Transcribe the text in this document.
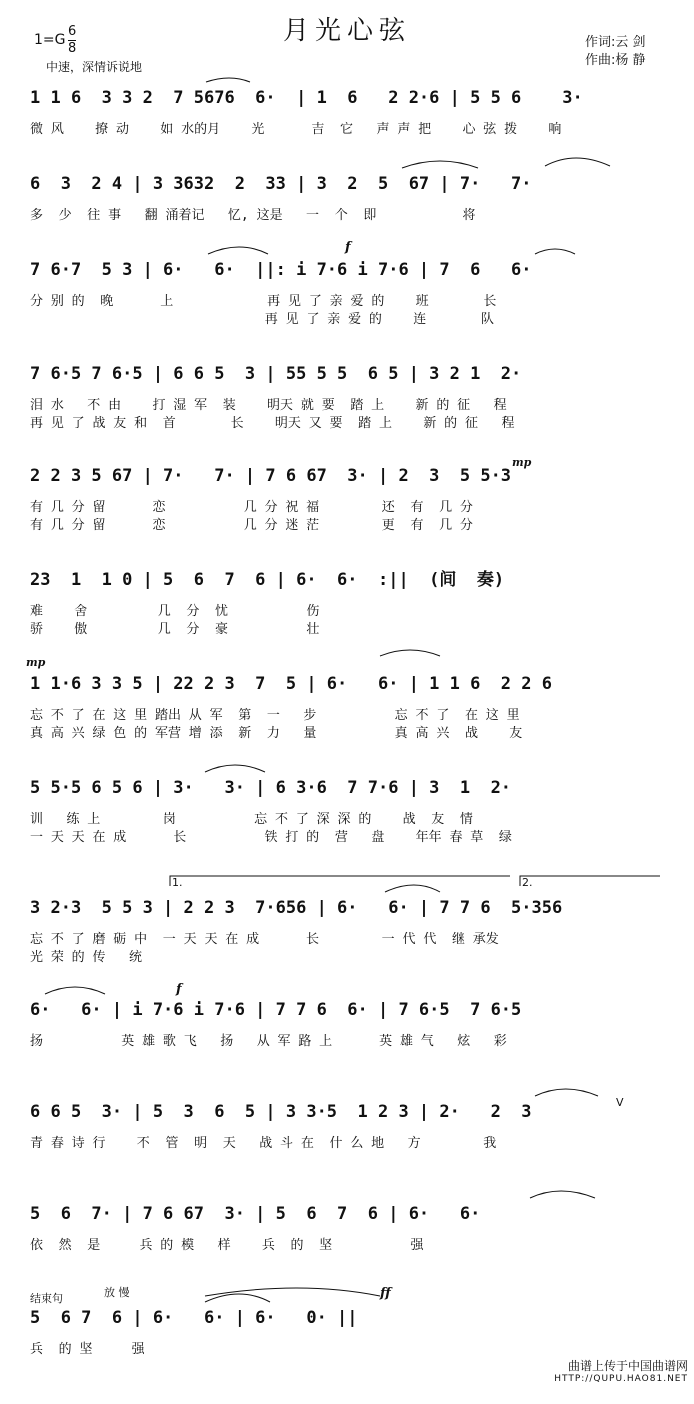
月光心弦
$1=G \frac{6}{8}$
中速，深情诉说地
作词:云 剑
作曲:杨 静
1 1 6  3 3 2  7 5676  6·  | 1  6   2 2·6 | 5 5 6    3·
微 风    撩 动    如 水的月    光      吉  它   声 声 把    心 弦 拨    响
6  3  2 4 | 3 3632  2  33 | 3  2  5  67 | 7·   7·
多  少  往 事   翻 涌着记   忆, 这是   一  个  即           将
7 6·7  5 3 | 6·   6·  ||: i 7·6 i 7·6 | 7  6   6·
分 别 的  晚      上            再 见 了 亲 爱 的    班       长
再 见 了 亲 爱 的    连       队
7 6·5 7 6·5 | 6 6 5  3 | 55 5 5  6 5 | 3 2 1  2·
泪 水   不 由    打 湿 军  装    明天 就 要  踏 上    新 的 征   程
再 见 了 战 友 和  首       长    明天 又 要  踏 上    新 的 征   程
2 2 3 5 67 | 7·   7· | 7 6 67  3· | 2  3  5 5·3
有 几 分 留      恋          几 分 祝 福        还  有  几 分
有 几 分 留      恋          几 分 迷 茫        更  有  几 分
23  1  1 0 | 5  6  7  6 | 6·  6·  :||  (间  奏)
难    舍         几  分  忧          伤
骄    傲         几  分  豪          壮
1 1·6 3 3 5 | 22 2 3  7  5 | 6·   6· | 1 1 6  2 2 6
忘 不 了 在 这 里 踏出 从 军  第  一   步          忘 不 了  在 这 里
真 高 兴 绿 色 的 军营 增 添  新  力   量          真 高 兴  战    友
5 5·5 6 5 6 | 3·   3· | 6 3·6  7 7·6 | 3  1  2·
训   练 上        岗          忘 不 了 深 深 的    战  友  情
一 天 天 在 成      长          铁 打 的  营   盘    年年 春 草  绿
3 2·3  5 5 3 | 2 2 3  7·656 | 6·   6· | 7 7 6  5·356
忘 不 了 磨 砺 中  一 天 天 在 成      长        一 代 代  继 承发
光 荣 的 传   统
6·   6· | i 7·6 i 7·6 | 7 7 6  6· | 7 6·5  7 6·5
扬          英 雄 歌 飞   扬   从 军 路 上      英 雄 气   炫   彩
6 6 5  3· | 5  3  6  5 | 3 3·5  1 2 3 | 2·   2  3
青 春 诗 行    不  管  明  天   战 斗 在  什 么 地   方        我
5  6  7· | 7 6 67  3· | 5  6  7  6 | 6·   6·
依  然  是     兵 的 模   样    兵  的  坚          强
5  6 7  6 | 6·   6· | 6·   0· ||
兵  的 坚     强
f
mp
mp
1.	2.
f
V
结束句	放 慢	ff
曲谱上传于中国曲谱网
HTTP://QUPU.HAO81.NET
